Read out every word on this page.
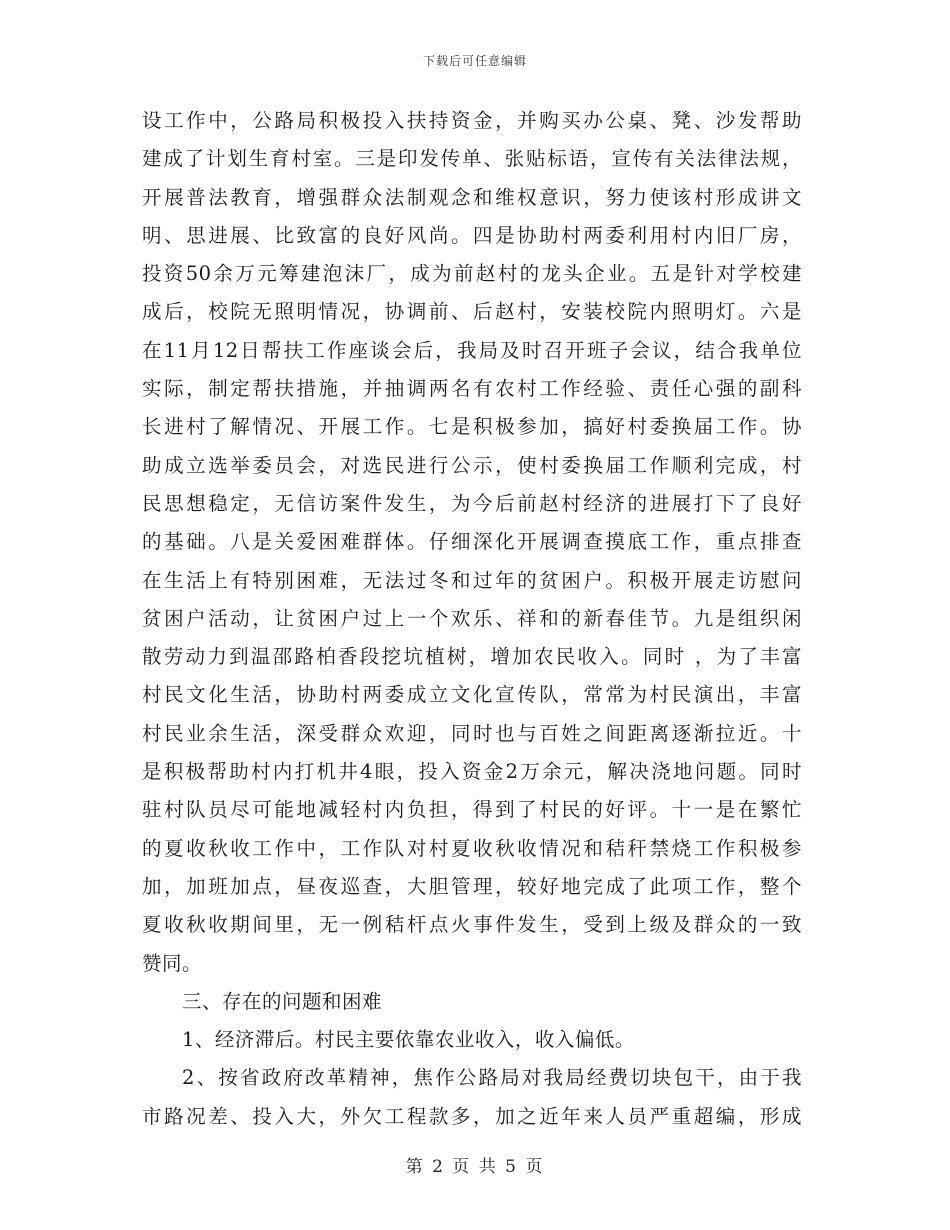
下载后可任意编辑
设工作中，公路局积极投入扶持资金，并购买办公桌、凳、沙发帮助
建成了计划生育村室。三是印发传单、张贴标语，宣传有关法律法规，
开展普法教育，增强群众法制观念和维权意识，努力使该村形成讲文
明、思进展、比致富的良好风尚。四是协助村两委利用村内旧厂房，
投资50余万元筹建泡沫厂，成为前赵村的龙头企业。五是针对学校建
成后，校院无照明情况，协调前、后赵村，安装校院内照明灯。六是
在11月12日帮扶工作座谈会后，我局及时召开班子会议，结合我单位
实际，制定帮扶措施，并抽调两名有农村工作经验、责任心强的副科
长进村了解情况、开展工作。七是积极参加，搞好村委换届工作。协
助成立选举委员会，对选民进行公示，使村委换届工作顺利完成，村
民思想稳定，无信访案件发生，为今后前赵村经济的进展打下了良好
的基础。八是关爱困难群体。仔细深化开展调查摸底工作，重点排查
在生活上有特别困难，无法过冬和过年的贫困户。积极开展走访慰问
贫困户活动，让贫困户过上一个欢乐、祥和的新春佳节。九是组织闲
散劳动力到温邵路柏香段挖坑植树，增加农民收入。同时 ，为了丰富
村民文化生活，协助村两委成立文化宣传队，常常为村民演出，丰富
村民业余生活，深受群众欢迎，同时也与百姓之间距离逐渐拉近。十
是积极帮助村内打机井4眼，投入资金2万余元，解决浇地问题。同时
驻村队员尽可能地减轻村内负担，得到了村民的好评。十一是在繁忙
的夏收秋收工作中，工作队对村夏收秋收情况和秸秆禁烧工作积极参
加，加班加点，昼夜巡查，大胆管理，较好地完成了此项工作，整个
夏收秋收期间里，无一例秸杆点火事件发生，受到上级及群众的一致
赞同。
三、存在的问题和困难
1、经济滞后。村民主要依靠农业收入，收入偏低。
2、按省政府改革精神，焦作公路局对我局经费切块包干，由于我
市路况差、投入大，外欠工程款多，加之近年来人员严重超编，形成
第 2 页 共 5 页
